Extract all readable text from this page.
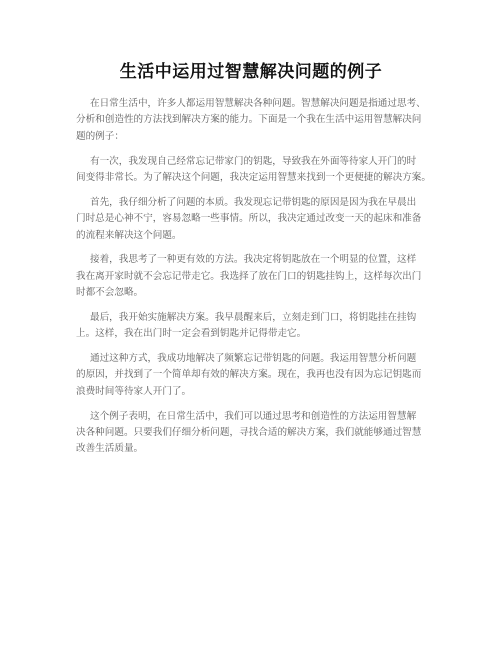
生活中运用过智慧解决问题的例子

在日常生活中，许多人都运用智慧解决各种问题。智慧解决问题是指通过思考、
分析和创造性的方法找到解决方案的能力。下面是一个我在生活中运用智慧解决问
题的例子：

有一次，我发现自己经常忘记带家门的钥匙，导致我在外面等待家人开门的时
间变得非常长。为了解决这个问题，我决定运用智慧来找到一个更便捷的解决方案。

首先，我仔细分析了问题的本质。我发现忘记带钥匙的原因是因为我在早晨出
门时总是心神不宁，容易忽略一些事情。所以，我决定通过改变一天的起床和准备
的流程来解决这个问题。

接着，我思考了一种更有效的方法。我决定将钥匙放在一个明显的位置，这样
我在离开家时就不会忘记带走它。我选择了放在门口的钥匙挂钩上，这样每次出门
时都不会忽略。

最后，我开始实施解决方案。我早晨醒来后，立刻走到门口，将钥匙挂在挂钩
上。这样，我在出门时一定会看到钥匙并记得带走它。

通过这种方式，我成功地解决了频繁忘记带钥匙的问题。我运用智慧分析问题
的原因，并找到了一个简单却有效的解决方案。现在，我再也没有因为忘记钥匙而
浪费时间等待家人开门了。

这个例子表明，在日常生活中，我们可以通过思考和创造性的方法运用智慧解
决各种问题。只要我们仔细分析问题，寻找合适的解决方案，我们就能够通过智慧
改善生活质量。
